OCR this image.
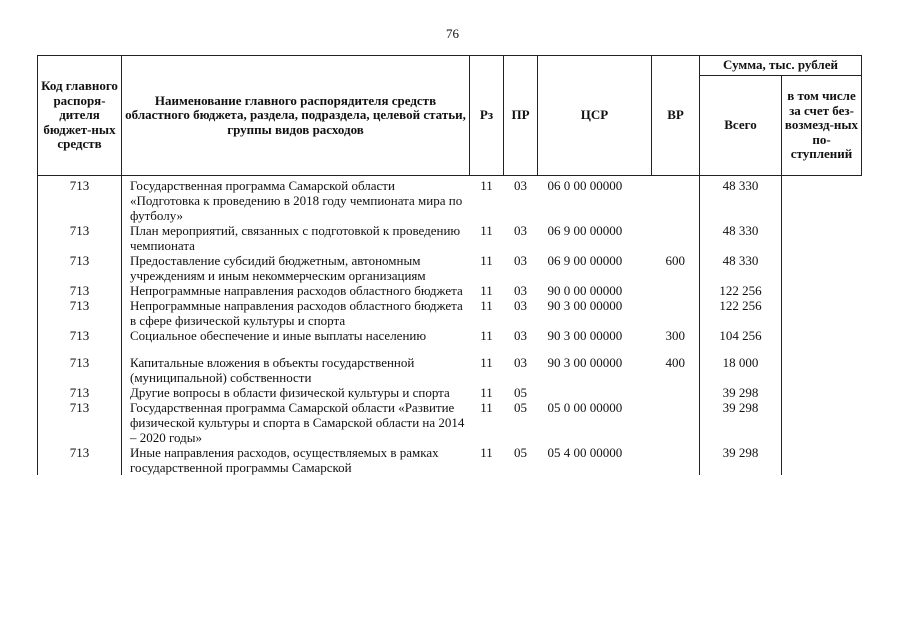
76
Код главного распоря-дителя бюджет-ных средств	Наименование главного распорядителя средств областного бюджета, раздела, подраздела, целевой статьи, группы видов расходов	Рз	ПР	ЦСР	ВР	Сумма, тыс. рублей	
						Всего	в том числе за счет без-возмезд-ных по-ступлений
713	Государственная программа Самарской области «Подготовка к проведению в 2018 году чемпионата мира по футболу»	11	03	06 0 00 00000		48 330	
713	План мероприятий, связанных с подготовкой к проведению чемпионата	11	03	06 9 00 00000		48 330	
713	Предоставление субсидий бюджетным, автономным учреждениям и иным некоммерческим организациям	11	03	06 9 00 00000	600	48 330	
713	Непрограммные направления расходов областного бюджета	11	03	90 0 00 00000		122 256	
713	Непрограммные направления расходов областного бюджета в сфере физической культуры и спорта	11	03	90 3 00 00000		122 256	
713	Социальное обеспечение и иные выплаты населению	11	03	90 3 00 00000	300	104 256	
713	Капитальные вложения в объекты государственной (муниципальной) собственности	11	03	90 3 00 00000	400	18 000	
713	Другие вопросы в области физической культуры и спорта	11	05			39 298	
713	Государственная программа Самарской области «Развитие физической культуры и спорта в Самарской области на 2014 – 2020 годы»	11	05	05 0 00 00000		39 298	
713	Иные направления расходов, осуществляемых в рамках государственной программы Самарской	11	05	05 4 00 00000		39 298	
